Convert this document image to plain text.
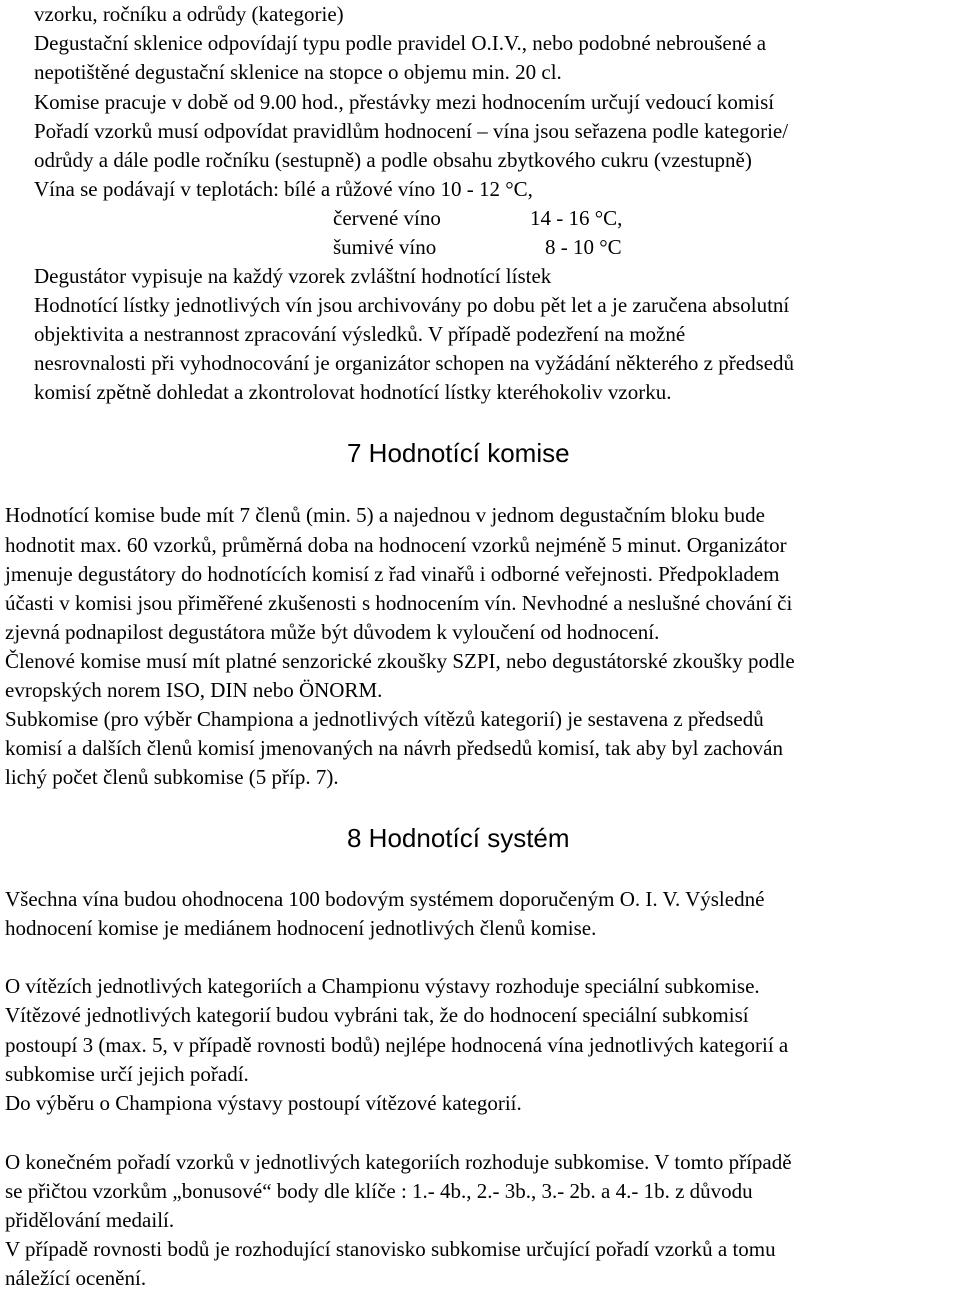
vzorku, ročníku a odrůdy (kategorie)
Degustační sklenice odpovídají typu podle pravidel O.I.V., nebo podobné nebroušené a
nepotištěné degustační sklenice na stopce o objemu min. 20 cl.
Komise pracuje v době od 9.00 hod., přestávky mezi hodnocením určují vedoucí komisí
Pořadí vzorků musí odpovídat pravidlům hodnocení – vína jsou seřazena podle kategorie/
odrůdy a dále podle ročníku (sestupně) a podle obsahu zbytkového cukru (vzestupně)
Vína se podávají v teplotách: bílé a růžové víno 10 - 12 °C,
červené víno	14 - 16 °C,
šumivé víno	8 - 10 °C
Degustátor vypisuje na každý vzorek zvláštní hodnotící lístek
Hodnotící lístky jednotlivých vín jsou archivovány po dobu pět let a je zaručena absolutní
objektivita a nestrannost zpracování výsledků. V případě podezření na možné
nesrovnalosti při vyhodnocování je organizátor schopen na vyžádání některého z předsedů
komisí zpětně dohledat a zkontrolovat hodnotící lístky kteréhokoliv vzorku.
7 Hodnotící komise
Hodnotící komise bude mít 7 členů (min. 5) a najednou v jednom degustačním bloku bude
hodnotit max. 60 vzorků, průměrná doba na hodnocení vzorků nejméně 5 minut. Organizátor
jmenuje degustátory do hodnotících komisí z řad vinařů i odborné veřejnosti. Předpokladem
účasti v komisi jsou přiměřené zkušenosti s hodnocením vín. Nevhodné a neslušné chování či
zjevná podnapilost degustátora může být důvodem k vyloučení od hodnocení.
Členové komise musí mít platné senzorické zkoušky SZPI, nebo degustátorské zkoušky podle
evropských norem ISO, DIN nebo ÖNORM.
Subkomise (pro výběr Championa a jednotlivých vítězů kategorií) je sestavena z předsedů
komisí a dalších členů komisí jmenovaných na návrh předsedů komisí, tak aby byl zachován
lichý počet členů subkomise (5 příp. 7).
8 Hodnotící systém
Všechna vína budou ohodnocena 100 bodovým systémem doporučeným O. I. V. Výsledné
hodnocení komise je mediánem hodnocení jednotlivých členů komise.
O vítězích jednotlivých kategoriích a Championu výstavy rozhoduje speciální subkomise.
Vítězové jednotlivých kategorií budou vybráni tak, že do hodnocení speciální subkomisí
postoupí 3 (max. 5, v případě rovnosti bodů) nejlépe hodnocená vína jednotlivých kategorií a
subkomise určí jejich pořadí.
Do výběru o Championa výstavy postoupí vítězové kategorií.
O konečném pořadí vzorků v jednotlivých kategoriích rozhoduje subkomise. V tomto případě
se přičtou vzorkům „bonusové“ body dle klíče : 1.- 4b., 2.- 3b., 3.- 2b. a 4.- 1b. z důvodu
přidělování medailí.
V případě rovnosti bodů je rozhodující stanovisko subkomise určující pořadí vzorků a tomu
náležící ocenění.
